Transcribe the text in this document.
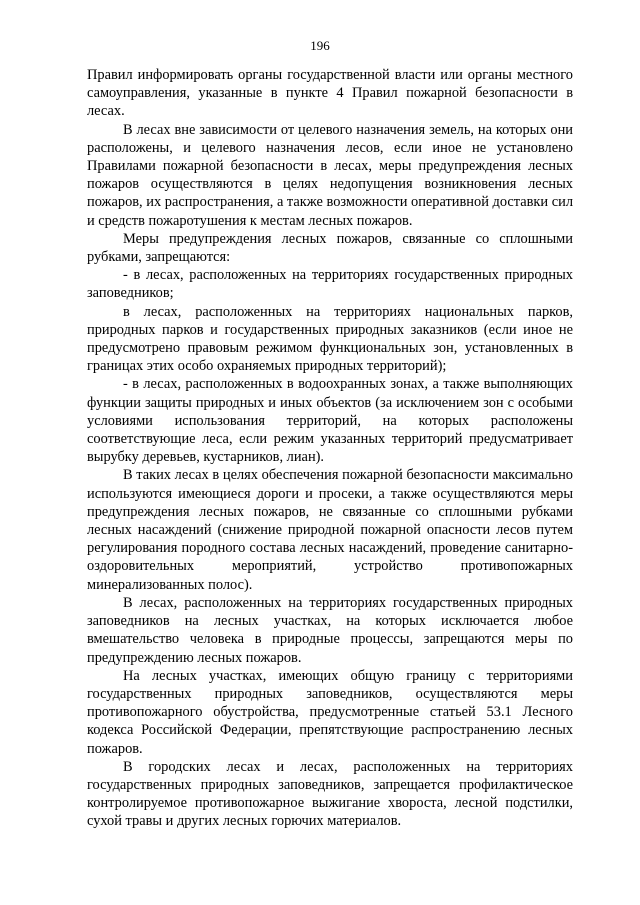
196

Правил информировать органы государственной власти или органы местного самоуправления, указанные в пункте 4 Правил пожарной безопасности в лесах.

В лесах вне зависимости от целевого назначения земель, на которых они расположены, и целевого назначения лесов, если иное не установлено Правилами пожарной безопасности в лесах, меры предупреждения лесных пожаров осуществляются в целях недопущения возникновения лесных пожаров, их распространения, а также возможности оперативной доставки сил и средств пожаротушения к местам лесных пожаров.

Меры предупреждения лесных пожаров, связанные со сплошными рубками, запрещаются:

- в лесах, расположенных на территориях государственных природных заповедников;

в лесах, расположенных на территориях национальных парков, природных парков и государственных природных заказников (если иное не предусмотрено правовым режимом функциональных зон, установленных в границах этих особо охраняемых природных территорий);

- в лесах, расположенных в водоохранных зонах, а также выполняющих функции защиты природных и иных объектов (за исключением зон с особыми условиями использования территорий, на которых расположены соответствующие леса, если режим указанных территорий предусматривает вырубку деревьев, кустарников, лиан).

В таких лесах в целях обеспечения пожарной безопасности максимально используются имеющиеся дороги и просеки, а также осуществляются меры предупреждения лесных пожаров, не связанные со сплошными рубками лесных насаждений (снижение природной пожарной опасности лесов путем регулирования породного состава лесных насаждений, проведение санитарно-оздоровительных мероприятий, устройство противопожарных минерализованных полос).

В лесах, расположенных на территориях государственных природных заповедников на лесных участках, на которых исключается любое вмешательство человека в природные процессы, запрещаются меры по предупреждению лесных пожаров.

На лесных участках, имеющих общую границу с территориями государственных природных заповедников, осуществляются меры противопожарного обустройства, предусмотренные статьей 53.1 Лесного кодекса Российской Федерации, препятствующие распространению лесных пожаров.

В городских лесах и лесах, расположенных на территориях государственных природных заповедников, запрещается профилактическое контролируемое противопожарное выжигание хвороста, лесной подстилки, сухой травы и других лесных горючих материалов.
